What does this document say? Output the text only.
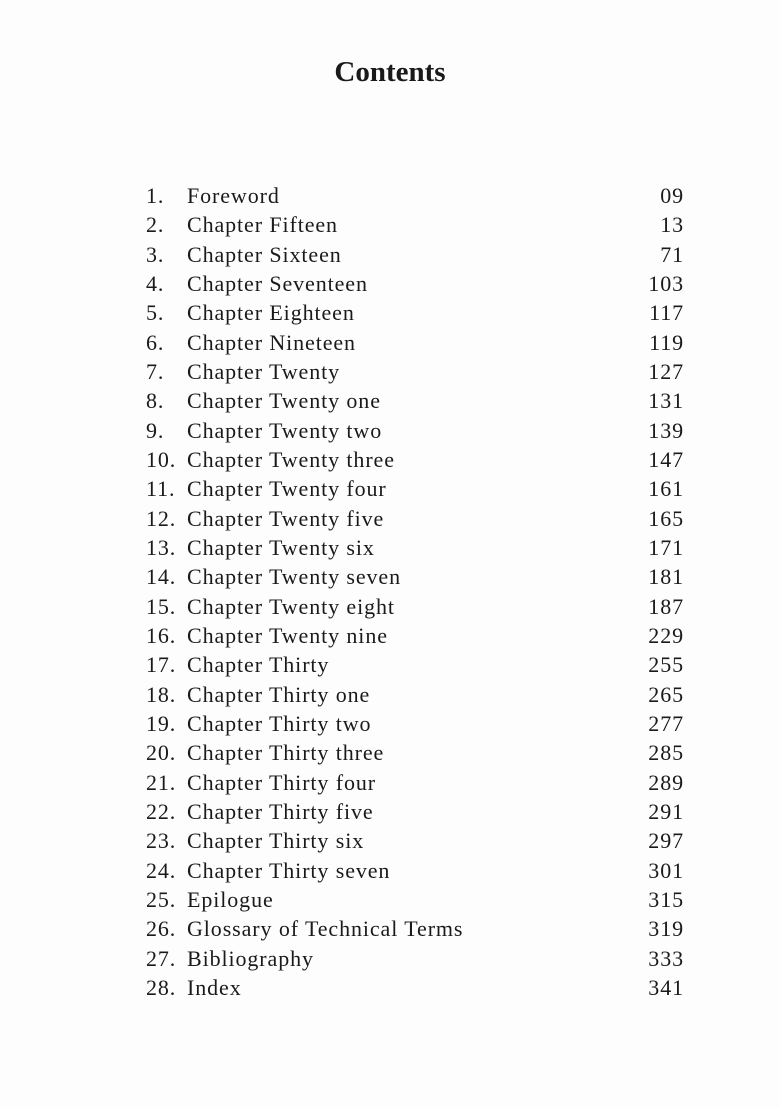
Contents
1. Foreword	09
2. Chapter Fifteen	13
3. Chapter Sixteen	71
4. Chapter Seventeen	103
5. Chapter Eighteen	117
6. Chapter Nineteen	119
7. Chapter Twenty	127
8. Chapter Twenty one	131
9. Chapter Twenty two	139
10. Chapter Twenty three	147
11. Chapter Twenty four	161
12. Chapter Twenty five	165
13. Chapter Twenty six	171
14. Chapter Twenty seven	181
15. Chapter Twenty eight	187
16. Chapter Twenty nine	229
17. Chapter Thirty	255
18. Chapter Thirty one	265
19. Chapter Thirty two	277
20. Chapter Thirty three	285
21. Chapter Thirty four	289
22. Chapter Thirty five	291
23. Chapter Thirty six	297
24. Chapter Thirty seven	301
25. Epilogue	315
26. Glossary of Technical Terms	319
27. Bibliography	333
28. Index	341
